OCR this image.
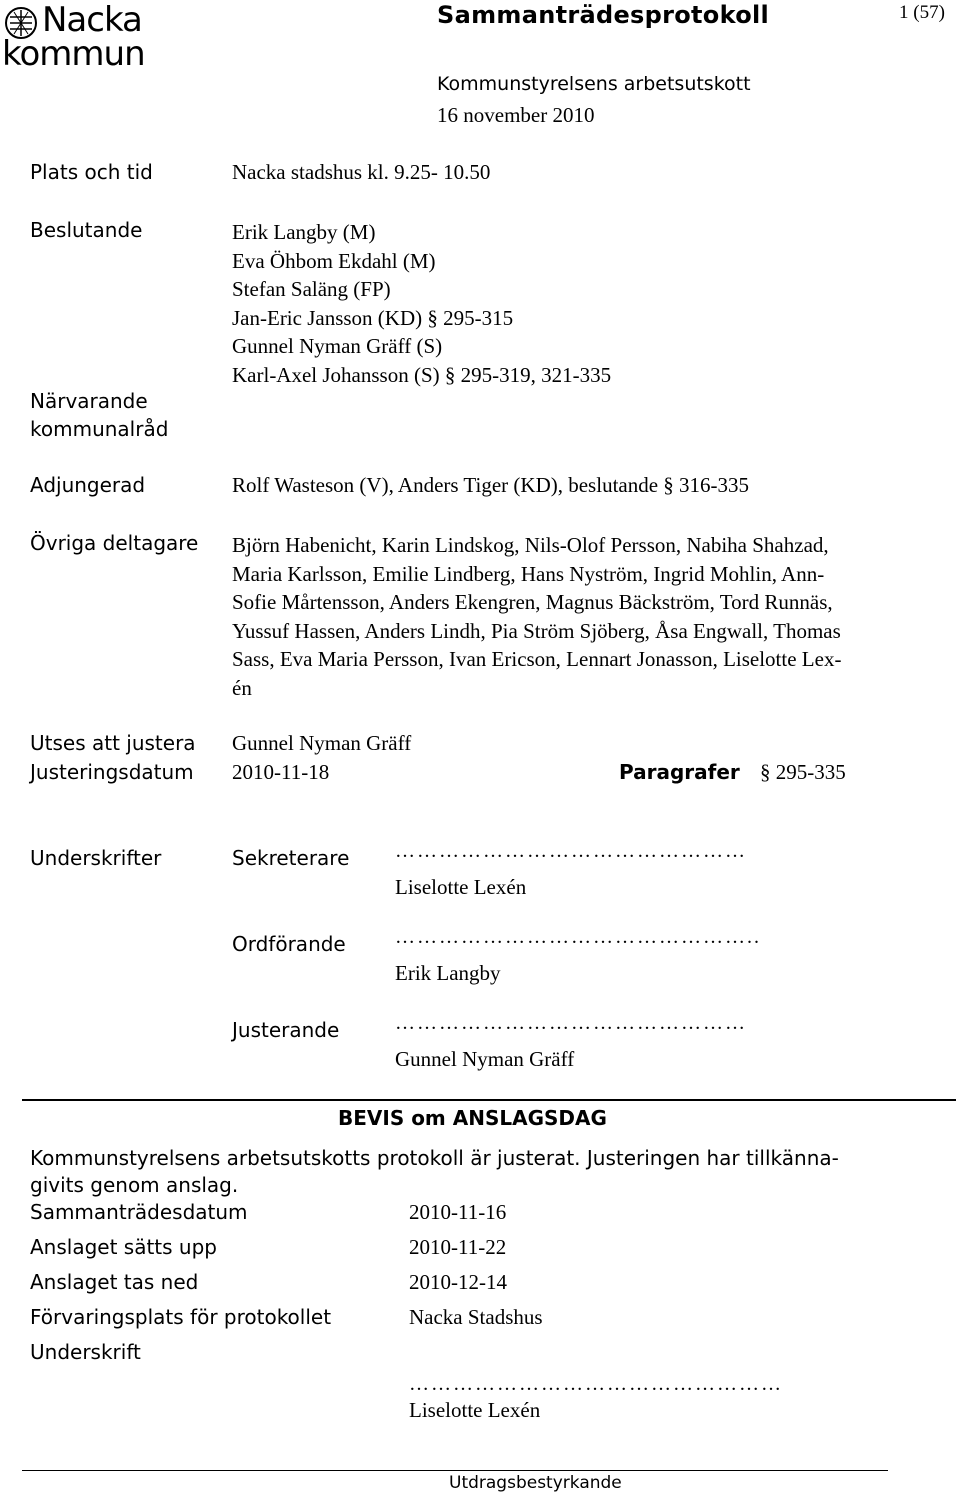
Nacka
kommun
Sammanträdesprotokoll	1 (57)
Kommunstyrelsens arbetsutskott
16 november 2010
Plats och tid	Nacka stadshus kl. 9.25- 10.50
Beslutande	Erik Langby (M)
Eva Öhbom Ekdahl (M)
Stefan Saläng (FP)
Jan-Eric Jansson (KD) § 295-315
Gunnel Nyman Gräff (S)
Karl-Axel Johansson (S) § 295-319, 321-335
Närvarande
kommunalråd
Adjungerad	Rolf Wasteson (V), Anders Tiger (KD), beslutande § 316-335
Övriga deltagare Björn Habenicht, Karin Lindskog, Nils-Olof Persson, Nabiha Shahzad,
Maria Karlsson, Emilie Lindberg, Hans Nyström, Ingrid Mohlin, Ann-
Sofie Mårtensson, Anders Ekengren, Magnus Bäckström, Tord Runnäs,
Yussuf Hassen, Anders Lindh, Pia Ström Sjöberg, Åsa Engwall, Thomas
Sass, Eva Maria Persson, Ivan Ericson, Lennart Jonasson, Liselotte Lex-
én
Utses att justera Gunnel Nyman Gräff
Justeringsdatum 2010-11-18	Paragrafer § 295-335
Underskrifter	Sekreterare …………………………………………
Liselotte Lexén
Ordförande …………………………………………..
Erik Langby
Justerande	…………………………………………
Gunnel Nyman Gräff
BEVIS om ANSLAGSDAG
Kommunstyrelsens arbetsutskotts protokoll är justerat. Justeringen har tillkänna-
givits genom anslag.
Sammanträdesdatum	2010-11-16
Anslaget sätts upp	2010-11-22
Anslaget tas ned	2010-12-14
Förvaringsplats för protokollet	Nacka Stadshus
Underskrift
……………………………………………
Liselotte Lexén
Utdragsbestyrkande
